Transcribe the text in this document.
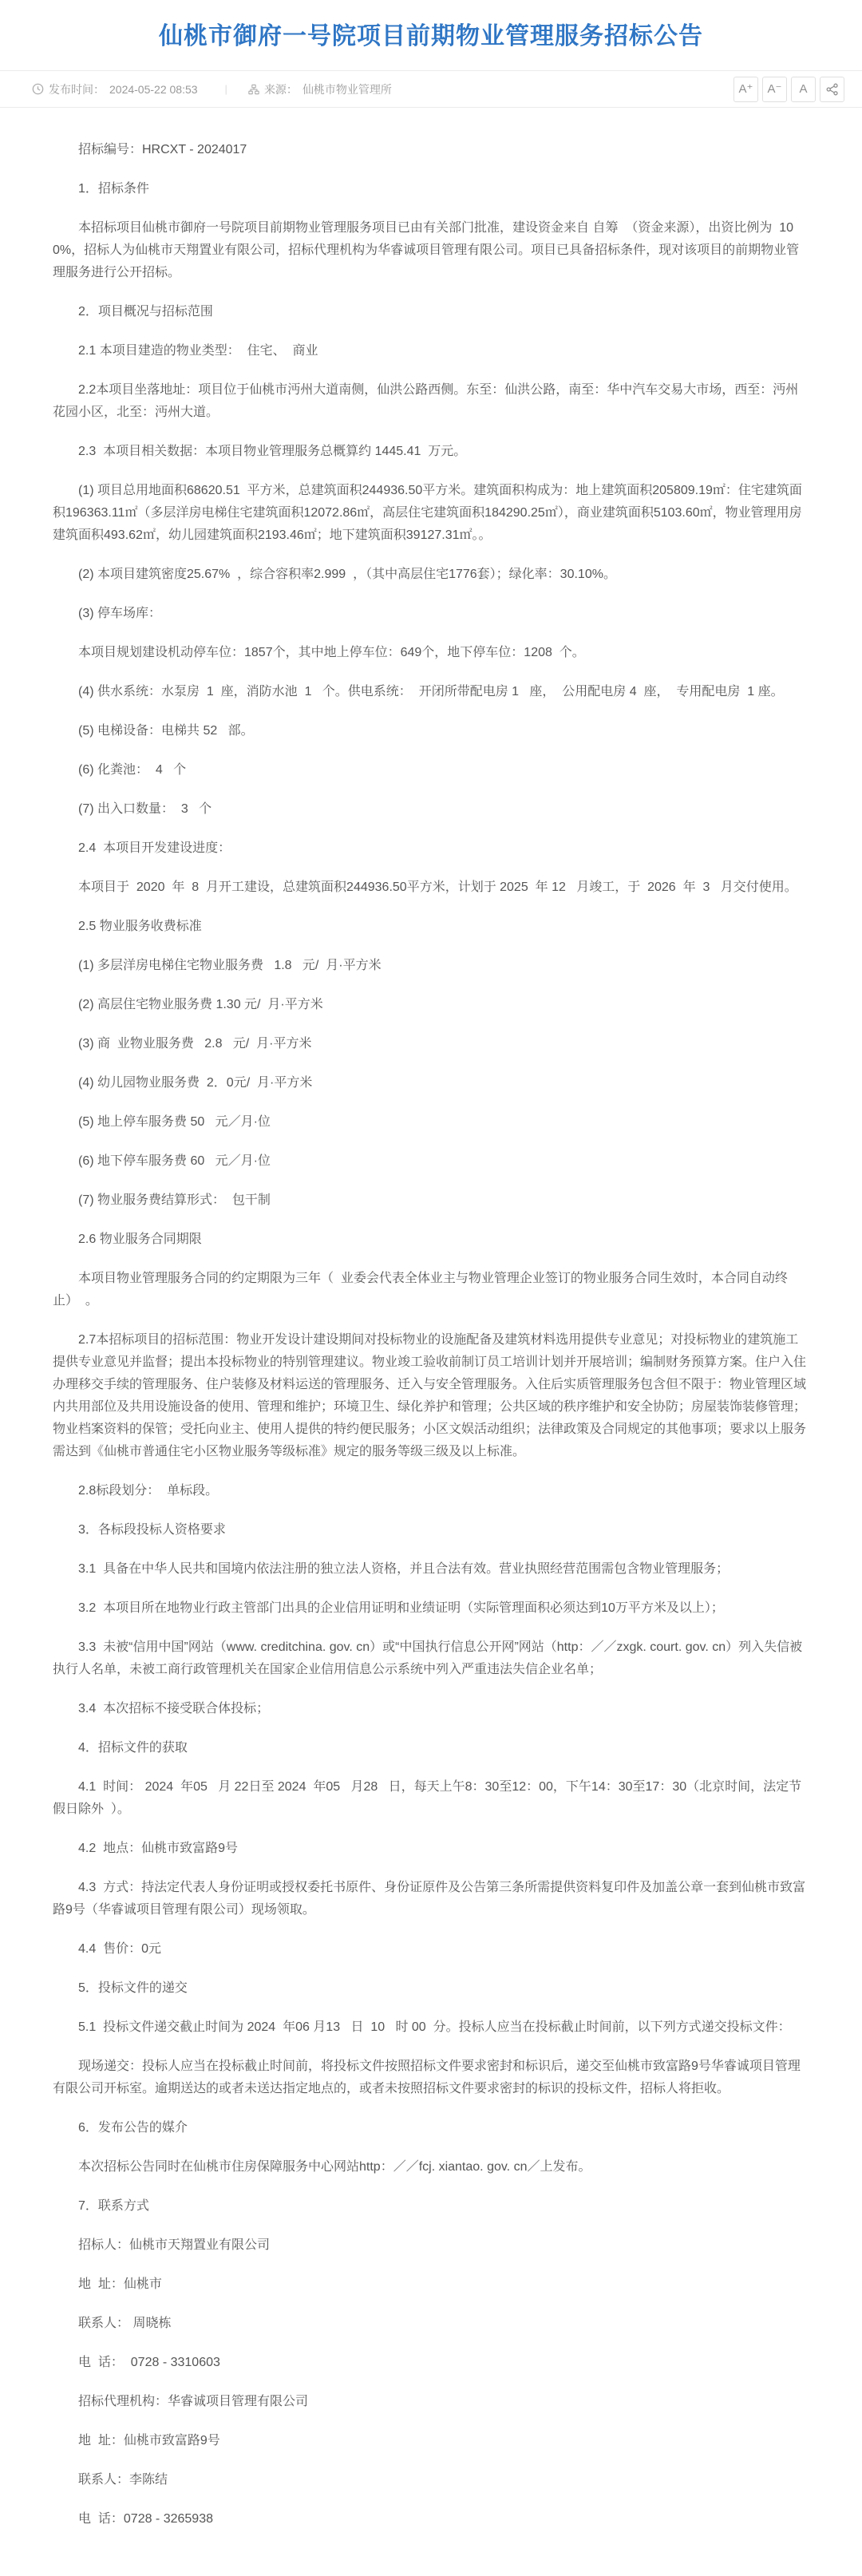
仙桃市御府一号院项目前期物业管理服务招标公告
发布时间： 2024-05-22 08:53	|	来源： 仙桃市物业管理所	A⁺	A⁻	A

招标编号：HRCXT - 2024017

1．招标条件

本招标项目仙桃市御府一号院项目前期物业管理服务项目已由有关部门批准，建设资金来自 自筹  （资金来源），出资比例为  100%，招标人为仙桃市天翔置业有限公司，招标代理机构为华睿诚项目管理有限公司。项目已具备招标条件，现对该项目的前期物业管理服务进行公开招标。

2．项目概况与招标范围

2.1 本项目建造的物业类型：  住宅、  商业

2.2本项目坐落地址：项目位于仙桃市沔州大道南侧，仙洪公路西侧。东至：仙洪公路，南至：华中汽车交易大市场，西至：沔州花园小区，北至：沔州大道。

2.3  本项目相关数据：本项目物业管理服务总概算约 1445.41  万元。

(1) 项目总用地面积68620.51  平方米，总建筑面积244936.50平方米。建筑面积构成为：地上建筑面积205809.19㎡：住宅建筑面积196363.11㎡（多层洋房电梯住宅建筑面积12072.86㎡，高层住宅建筑面积184290.25㎡），商业建筑面积5103.60㎡，物业管理用房建筑面积493.62㎡，幼儿园建筑面积2193.46㎡；地下建筑面积39127.31㎡。。

(2) 本项目建筑密度25.67%  ，综合容积率2.999  ，（其中高层住宅1776套）；绿化率：30.10%。

(3) 停车场库：

本项目规划建设机动停车位：1857个，其中地上停车位：649个，地下停车位：1208  个。

(4) 供水系统：水泵房  1  座，消防水池  1   个。供电系统：  开闭所带配电房 1   座，  公用配电房 4  座，  专用配电房  1 座。

(5) 电梯设备：电梯共 52   部。

(6) 化粪池：  4   个

(7) 出入口数量：  3   个

2.4  本项目开发建设进度：

本项目于  2020  年  8  月开工建设，总建筑面积244936.50平方米，计划于 2025  年 12   月竣工，于  2026  年  3   月交付使用。

2.5 物业服务收费标准

(1) 多层洋房电梯住宅物业服务费   1.8   元/  月·平方米

(2) 高层住宅物业服务费 1.30 元/  月·平方米

(3) 商  业物业服务费   2.8   元/  月·平方米

(4) 幼儿园物业服务费  2．0元/  月·平方米

(5) 地上停车服务费 50   元／月·位

(6) 地下停车服务费 60   元／月·位

(7) 物业服务费结算形式：  包干制

2.6 物业服务合同期限

本项目物业管理服务合同的约定期限为三年（  业委会代表全体业主与物业管理企业签订的物业服务合同生效时，本合同自动终止）  。

2.7本招标项目的招标范围：物业开发设计建设期间对投标物业的设施配备及建筑材料选用提供专业意见；对投标物业的建筑施工提供专业意见并监督；提出本投标物业的特别管理建议。物业竣工验收前制订员工培训计划并开展培训；编制财务预算方案。住户入住办理移交手续的管理服务、住户装修及材料运送的管理服务、迁入与安全管理服务。入住后实质管理服务包含但不限于：物业管理区域内共用部位及共用设施设备的使用、管理和维护；环境卫生、绿化养护和管理；公共区域的秩序维护和安全协防；房屋装饰装修管理；  物业档案资料的保管；受托向业主、使用人提供的特约便民服务；小区文娱活动组织；法律政策及合同规定的其他事项；要求以上服务需达到《仙桃市普通住宅小区物业服务等级标准》规定的服务等级三级及以上标准。

2.8标段划分：  单标段。

3．各标段投标人资格要求

3.1  具备在中华人民共和国境内依法注册的独立法人资格，并且合法有效。营业执照经营范围需包含物业管理服务；

3.2  本项目所在地物业行政主管部门出具的企业信用证明和业绩证明（实际管理面积必须达到10万平方米及以上）；

3.3  未被“信用中国”网站（www. creditchina. gov. cn）或“中国执行信息公开网”网站（http：／／zxgk. court. gov. cn）列入失信被执行人名单，未被工商行政管理机关在国家企业信用信息公示系统中列入严重违法失信企业名单；

3.4  本次招标不接受联合体投标；

4．招标文件的获取

4.1  时间： 2024  年05   月 22日至 2024  年05   月28   日，每天上午8：30至12：00，下午14：30至17：30（北京时间，法定节假日除外  ）。

4.2  地点：仙桃市致富路9号

4.3  方式：持法定代表人身份证明或授权委托书原件、身份证原件及公告第三条所需提供资料复印件及加盖公章一套到仙桃市致富路9号（华睿诚项目管理有限公司）现场领取。

4.4  售价：0元

5．投标文件的递交

5.1  投标文件递交截止时间为 2024  年06 月13   日  10   时 00  分。投标人应当在投标截止时间前，以下列方式递交投标文件：

现场递交：投标人应当在投标截止时间前，将投标文件按照招标文件要求密封和标识后，递交至仙桃市致富路9号华睿诚项目管理有限公司开标室。逾期送达的或者未送达指定地点的，或者未按照招标文件要求密封的标识的投标文件，招标人将拒收。

6．发布公告的媒介

本次招标公告同时在仙桃市住房保障服务中心网站http：／／fcj. xiantao. gov. cn／上发布。

7．联系方式

招标人：仙桃市天翔置业有限公司

地  址：仙桃市

联系人： 周晓栋

电  话：  0728 - 3310603

招标代理机构：华睿诚项目管理有限公司

地  址：仙桃市致富路9号

联系人：李陈结

电  话：0728 - 3265938
